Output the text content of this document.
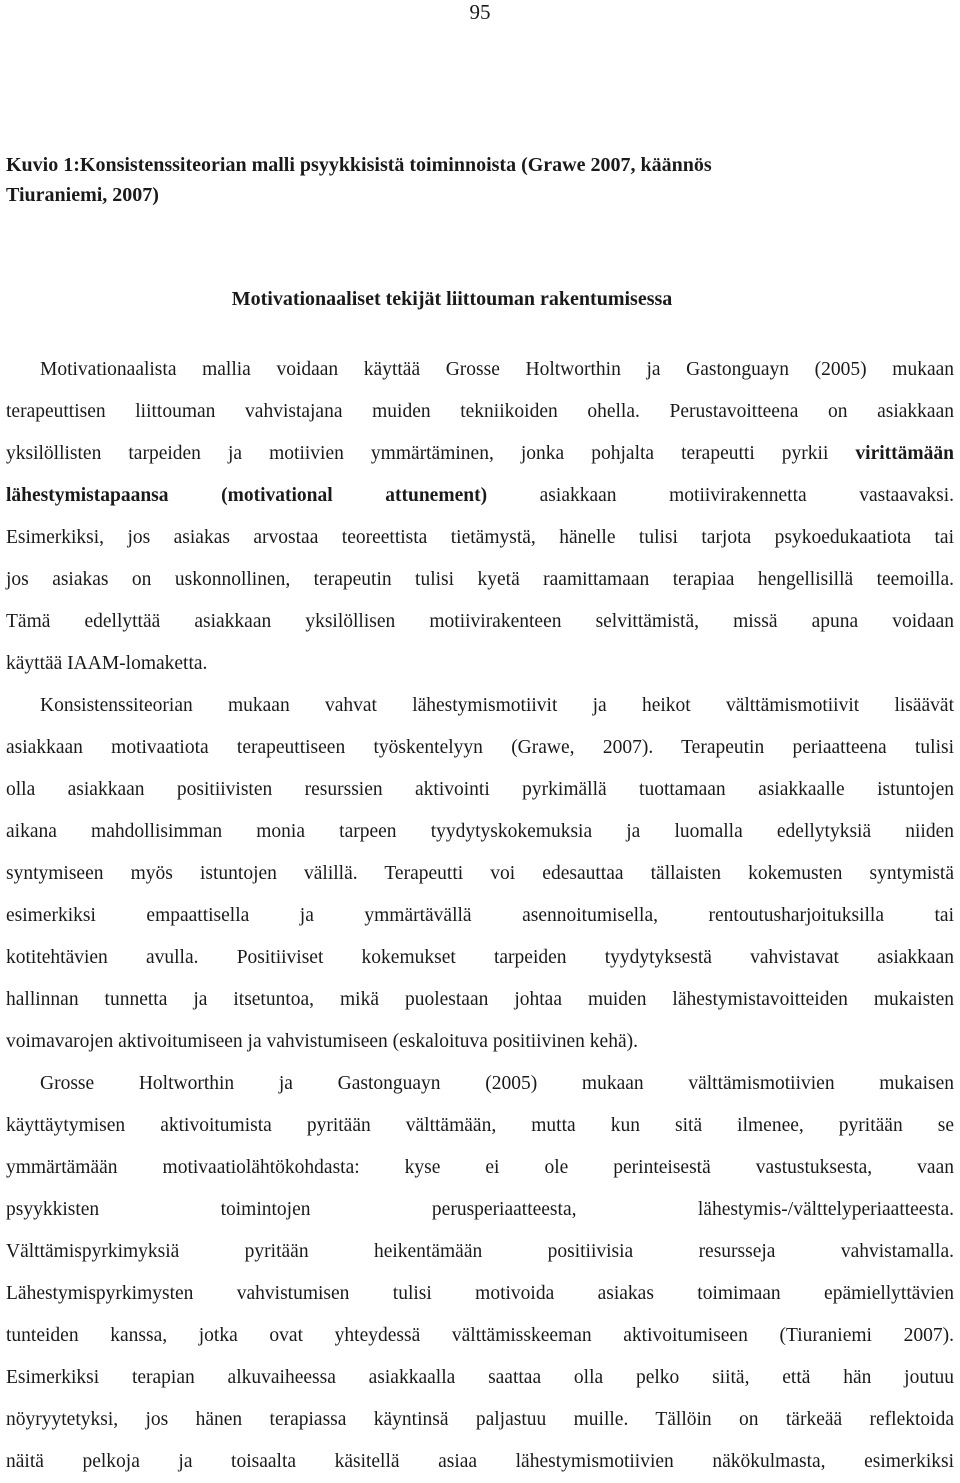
95
Kuvio 1:Konsistenssiteorian malli psyykkisistä toiminnoista (Grawe 2007, käännös
Tiuraniemi, 2007)
Motivationaaliset tekijät liittouman rakentumisessa

Motivationaalista mallia voidaan käyttää Grosse Holtworthin ja Gastonguayn (2005) mukaan
terapeuttisen liittouman vahvistajana muiden tekniikoiden ohella. Perustavoitteena on asiakkaan
yksilöllisten tarpeiden ja motiivien ymmärtäminen, jonka pohjalta terapeutti pyrkii virittämään
lähestymistapaansa (motivational attunement) asiakkaan motiivirakennetta vastaavaksi.
Esimerkiksi, jos asiakas arvostaa teoreettista tietämystä, hänelle tulisi tarjota psykoedukaatiota tai
jos asiakas on uskonnollinen, terapeutin tulisi kyetä raamittamaan terapiaa hengellisillä teemoilla.
Tämä edellyttää asiakkaan yksilöllisen motiivirakenteen selvittämistä, missä apuna voidaan
käyttää IAAM-lomaketta.

Konsistenssiteorian mukaan vahvat lähestymismotiivit ja heikot välttämismotiivit lisäävät
asiakkaan motivaatiota terapeuttiseen työskentelyyn (Grawe, 2007). Terapeutin periaatteena tulisi
olla asiakkaan positiivisten resurssien aktivointi pyrkimällä tuottamaan asiakkaalle istuntojen
aikana mahdollisimman monia tarpeen tyydytyskokemuksia ja luomalla edellytyksiä niiden
syntymiseen myös istuntojen välillä. Terapeutti voi edesauttaa tällaisten kokemusten syntymistä
esimerkiksi empaattisella ja ymmärtävällä asennoitumisella, rentoutusharjoituksilla tai
kotitehtävien avulla. Positiiviset kokemukset tarpeiden tyydytyksestä vahvistavat asiakkaan
hallinnan tunnetta ja itsetuntoa, mikä puolestaan johtaa muiden lähestymistavoitteiden mukaisten
voimavarojen aktivoitumiseen ja vahvistumiseen (eskaloituva positiivinen kehä).

Grosse Holtworthin ja Gastonguayn (2005) mukaan välttämismotiivien mukaisen
käyttäytymisen aktivoitumista pyritään välttämään, mutta kun sitä ilmenee, pyritään se
ymmärtämään motivaatiolähtökohdasta: kyse ei ole perinteisestä vastustuksesta, vaan
psyykkisten toimintojen perusperiaatteesta, lähestymis-/välttelyperiaatteesta.
Välttämispyrkimyksiä pyritään heikentämään positiivisia resursseja vahvistamalla.
Lähestymispyrkimysten vahvistumisen tulisi motivoida asiakas toimimaan epämiellyttävien
tunteiden kanssa, jotka ovat yhteydessä välttämisskeeman aktivoitumiseen (Tiuraniemi 2007).
Esimerkiksi terapian alkuvaiheessa asiakkaalla saattaa olla pelko siitä, että hän joutuu
nöyryytetyksi, jos hänen terapiassa käyntinsä paljastuu muille. Tällöin on tärkeää reflektoida
näitä pelkoja ja toisaalta käsitellä asiaa lähestymismotiivien näkökulmasta, esimerkiksi
